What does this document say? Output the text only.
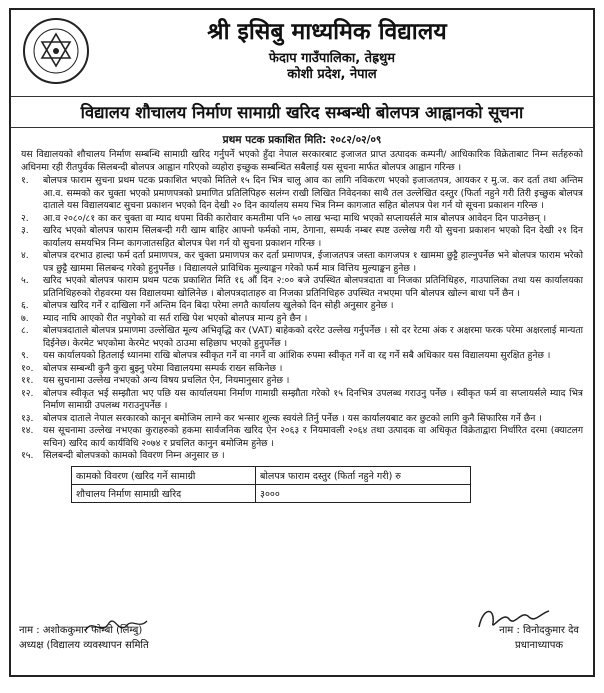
श्री इसिबु माध्यमिक विद्यालय
फेदाप गाउँपालिका, तेह्रथुम
कोशी प्रदेश, नेपाल
विद्यालय शौचालय निर्माण सामाग्री खरिद सम्बन्धी बोलपत्र आह्वानको सूचना
प्रथम पटक प्रकाशित मिति: २०८२/०२/०९

यस विद्यालयको शौचालय निर्माण सम्बन्धि सामाग्री खरिद गर्नुपर्ने भएको हुँदा नेपाल सरकारबाट इजाजत प्राप्त उत्पादक कम्पनी/ आधिकारिक विक्रेताबाट निम्न सर्तहरुको अधिनमा रही रीतपुर्वक सिलबन्दी बोलपत्र आह्वान गरिएको व्यहोरा इच्छुक सम्बन्धित सबैलाई यस सूचना मार्फत बोलपत्र आह्वान गरिन्छ ।

१.	बोलपत्र फाराम सुचना प्रथम पटक प्रकाशित भएको मितिले १५ दिन भित्र चालु आव का लागि नविकरण भएको इजाजतपत्र, आयकर र मु.ज. कर दर्ता तथा अन्तिम आ.व. सम्मको कर चुक्ता भएको प्रमाणपत्रको प्रमाणित प्रतिलिपिहरु सलंग्न राखी लिखित निवेदनका साथै तल उल्लेखित दस्तुर (फिर्ता नहुने गरी तिरी इच्छुक बोलपत्र दाताले यस विद्यालयबाट सुचना प्रकाशन भएको दिन देखी २० दिन कार्यालय समय भित्र निम्न कागजात सहित बोलपत्र पेश गर्न यो सूचना प्रकाशन गरिन्छ ।
२.	आ.व २०८०/८१ का कर चुक्ता वा म्याद थपमा विकी कारोवार कमतीमा पनि ५० लाख भन्दा माथि भएको सप्लायर्सले मात्र बोलपत्र आवेदन दिन पाउनेछन् ।
३.	खरिद भएको बोलपत्र फाराम सिलबन्दी गरी खाम बाहिर आफ्नो फर्मको नाम, ठेगाना, सम्पर्क नम्बर स्पष्ट उल्लेख गरी यो सुचना प्रकाशन भएको दिन देखी २१ दिन कार्यालय समयभित्र निम्न कागजातसहित बोलपत्र पेश गर्न यो सुचना प्रकाशन गरिन्छ ।
४.	बोलपत्र दरभाउ हाल्दा फर्म दर्ता प्रमाणपत्र, कर चुक्ता प्रमाणपत्र कर दर्ता प्रमाणपत्र, ईजाजतपत्र जस्ता कागजपत्र १ खाममा छुट्टै हाल्नुपर्नेछ भने बोलपत्र फाराम भरेको पत्र छुट्टै खाममा सिलबन्द गरेको हुनुपर्नेछ । विद्यालयले प्राविधिक मुल्याङ्कन गरेको फर्म मात्र वित्तिय मुल्याङ्कन हुनेछ ।
५.	खरिद भएको बोलपत्र फाराम प्रथम पटक प्रकाशित मिति १६ औं दिन २:०० बजे उपस्थित बोलपत्रदाता वा निजका प्रतिनिधिहरु, गाउपालिका तथा यस कार्यालयका प्रतिनिधिहरुको रोहवरमा यस विद्यालयमा खोलिनेछ । बोलपत्रदाताहरु वा निजका प्रतिनिधिहरु उपस्थित नभएमा पनि बोलपत्र खोल्न बाधा पर्ने छैन ।
६.	बोलपत्र खरिद गर्ने र दाखिला गर्ने अन्तिम दिन बिदा परेमा लगतै कार्यालय खुलेको दिन सोही अनुसार हुनेछ ।
७.	म्याद नाघि आएको रीत नपुगेको वा सर्त राखि पेश भएको बोलपत्र मान्य हुने छैन ।
८.	बोलपत्रदाताले बोलपत्र प्रमाणमा उल्लेखित मूल्य अभिवृद्धि कर (VAT) बाहेकको दररेट उल्लेख गर्नुपर्नेछ । सो दर रेटमा अंक र अक्षरमा फरक परेमा अक्षरलाई मान्यता दिईनेछ। केरमेट भएकोमा केरमेट भएको ठाउमा सहिछाप भएको हुनुपर्नेछ ।
९.	यस कार्यालयको हितलाई ध्यानमा राखि बोलपत्र स्वीकृत गर्ने वा नगर्ने वा आंशिक रुपमा स्वीकृत गर्ने वा रद्द गर्ने सबै अधिकार यस विद्यालयमा सुरक्षित हुनेछ ।
१०.	बोलपत्र सम्बन्धी कुनै कुरा बुझ्नु परेमा विद्यालयमा सम्पर्क राख्न सकिनेछ ।
११.	यस सुचनामा उल्लेख नभएको अन्य विषय प्रचलित ऐन, नियमानुसार हुनेछ ।
१२.	बोलपत्र स्वीकृत भई सम्झौता भए पछि यस कार्यालयमा निर्माण गामाग्री सम्झौता गरेको १५ दिनभित्र उपलब्ध गराउनु पर्नेछ । स्वीकृत फर्म वा सप्लायर्सले म्याद भित्र निर्माण सामाग्री उपलब्ध गराउनुपर्नेछ ।
१३.	बोलपत्र दाताले नेपाल सरकारको कानून बमोजिम लाग्ने कर भन्सार शुल्क स्वयंले तिर्नु पर्नेछ । यस कार्यालयबाट कर छुटको लागि कुनै सिफारिस गर्ने छैन ।
१४.	यस सूचनामा उल्लेख नभएका कुराहरुको हकमा सार्वजनिक खरिद ऐन २०६३ र नियमावली २०६४ तथा उत्पादक वा अधिकृत विक्रेताद्वारा निर्धारित दरमा (क्याटलग सचिन) खरिद कार्य कार्यविधि २०७४ र प्रचलित कानुन बमोजिम हुनेछ ।
१५.	सिलबन्दी बोलपत्रको कामको विवरण निम्न अनुसार छ ।
कामको विवरण (खरिद गर्ने सामाग्री	बोलपत्र फाराम दस्तुर (फिर्ता नहुने गरी) रु
शौचालय निर्माण सामाग्री खरिद	३०००
नाम : अशोककुमार फोम्बो (लिम्बु)
अध्यक्ष (विद्यालय व्यवस्थापन समिति
नाम : विनोदकुमार देव
प्रधानाध्यापक
